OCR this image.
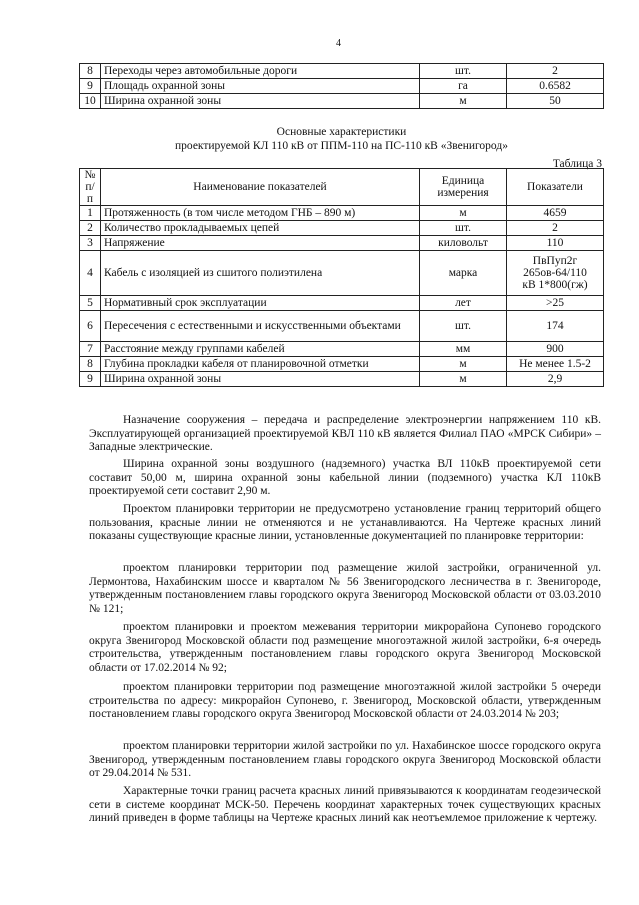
4
8	Переходы через автомобильные дороги	шт.	2
9	Площадь охранной зоны	га	0.6582
10	Ширина охранной зоны	м	50
Основные характеристики
проектируемой КЛ 110 кВ от ППМ-110 на ПС-110 кВ «Звенигород»
Таблица 3
№ п/п	Наименование показателей	Единица измерения	Показатели
1	Протяженность (в том числе методом ГНБ – 890 м)	м	4659
2	Количество прокладываемых цепей	шт.	2
3	Напряжение	киловольт	110
4	Кабель с изоляцией из сшитого полиэтилена	марка	ПвПуп2г 265ов-64/110 кВ 1*800(гж)
5	Нормативный срок эксплуатации	лет	>25
6	Пересечения с естественными и искусственными объектами	шт.	174
7	Расстояние между группами кабелей	мм	900
8	Глубина прокладки кабеля от планировочной отметки	м	Не менее 1.5-2
9	Ширина охранной зоны	м	2,9
Назначение сооружения – передача и распределение электроэнергии напряжением 110 кВ. Эксплуатирующей организацией проектируемой КВЛ 110 кВ является Филиал ПАО «МРСК Сибири» – Западные электрические.
Ширина охранной зоны воздушного (надземного) участка ВЛ 110кВ проектируемой сети составит 50,00 м, ширина охранной зоны кабельной линии (подземного) участка КЛ 110кВ проектируемой сети составит 2,90 м.
Проектом планировки территории не предусмотрено установление границ территорий общего пользования, красные линии не отменяются и не устанавливаются. На Чертеже красных линий показаны существующие красные линии, установленные документацией по планировке территории:
проектом планировки территории под размещение жилой застройки, ограниченной ул. Лермонтова, Нахабинским шоссе и кварталом № 56 Звенигородского лесничества в г. Звенигороде, утвержденным постановлением главы городского округа Звенигород Московской области от 03.03.2010 № 121;
проектом планировки и проектом межевания территории микрорайона Супонево городского округа Звенигород Московской области под размещение многоэтажной жилой застройки, 6-я очередь строительства, утвержденным постановлением главы городского округа Звенигород Московской области от 17.02.2014 № 92;
проектом планировки территории под размещение многоэтажной жилой застройки 5 очереди строительства по адресу: микрорайон Супонево, г. Звенигород, Московской области, утвержденным постановлением главы городского округа Звенигород Московской области от 24.03.2014 № 203;
проектом планировки территории жилой застройки по ул. Нахабинское шоссе городского округа Звенигород, утвержденным постановлением главы городского округа Звенигород Московской области от 29.04.2014 № 531.
Характерные точки границ расчета красных линий привязываются к координатам геодезической сети в системе координат МСК-50. Перечень координат характерных точек существующих красных линий приведен в форме таблицы на Чертеже красных линий как неотъемлемое приложение к чертежу.
